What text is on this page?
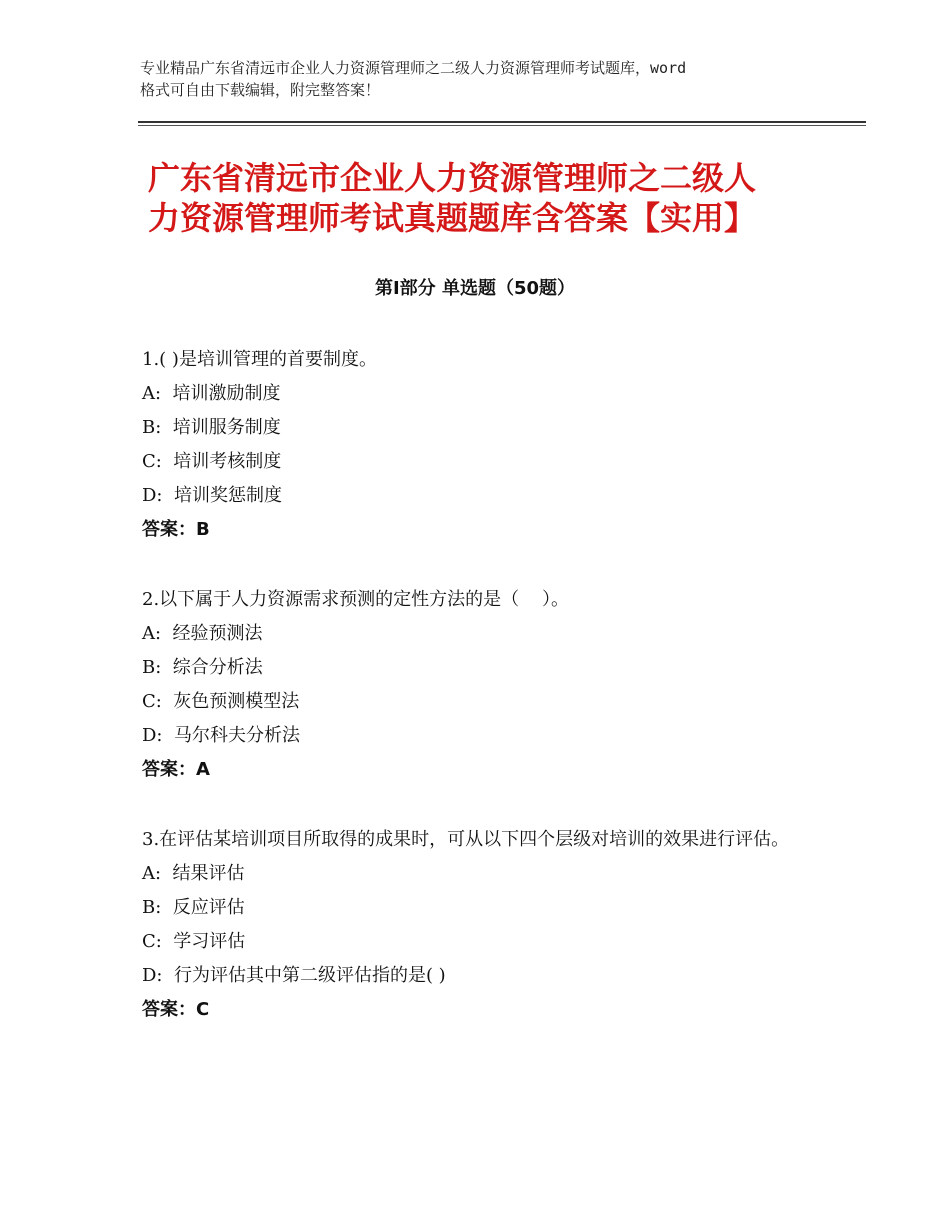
专业精品广东省清远市企业人力资源管理师之二级人力资源管理师考试题库，word
格式可自由下载编辑，附完整答案！
广东省清远市企业人力资源管理师之二级人
力资源管理师考试真题题库含答案【实用】
第Ⅰ部分 单选题（50题）
1.( )是培训管理的首要制度。
A:  培训激励制度
B:  培训服务制度
C:  培训考核制度
D:  培训奖惩制度
答案：B
2.以下属于人力资源需求预测的定性方法的是（    ）。
A:  经验预测法
B:  综合分析法
C:  灰色预测模型法
D:  马尔科夫分析法
答案：A
3.在评估某培训项目所取得的成果时，可从以下四个层级对培训的效果进行评估。
A:  结果评估
B:  反应评估
C:  学习评估
D:  行为评估其中第二级评估指的是( )
答案：C
